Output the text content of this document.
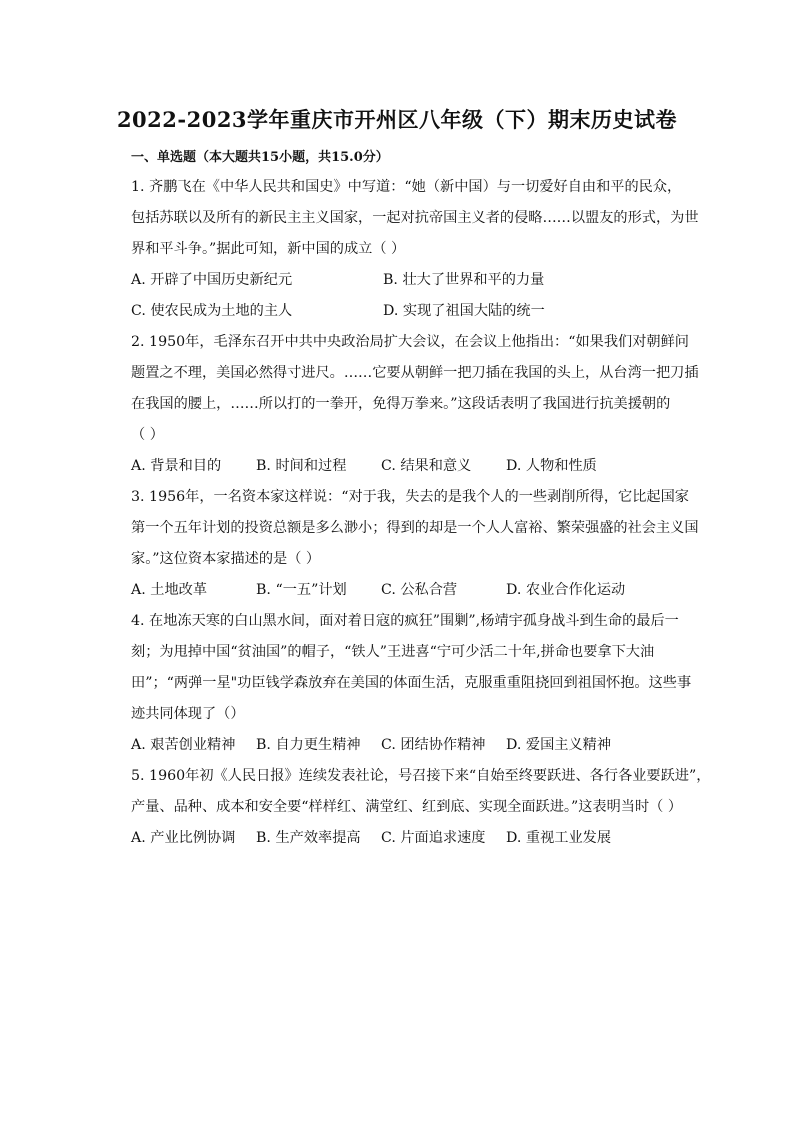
2022-2023学年重庆市开州区八年级（下）期末历史试卷
一、单选题（本大题共15小题，共15.0分）
1. 齐鹏飞在《中华人民共和国史》中写道：“她（新中国）与一切爱好自由和平的民众，
包括苏联以及所有的新民主主义国家，一起对抗帝国主义者的侵略……以盟友的形式，为世
界和平斗争。”据此可知，新中国的成立（ ）
A. 开辟了中国历史新纪元	B. 壮大了世界和平的力量
C. 使农民成为土地的主人	D. 实现了祖国大陆的统一
2. 1950年，毛泽东召开中共中央政治局扩大会议，在会议上他指出：“如果我们对朝鲜问
题置之不理，美国必然得寸进尺。……它要从朝鲜一把刀插在我国的头上，从台湾一把刀插
在我国的腰上，……所以打的一拳开，免得万拳来。”这段话表明了我国进行抗美援朝的
（ ）
A. 背景和目的 B. 时间和过程 C. 结果和意义 D. 人物和性质
3. 1956年，一名资本家这样说：“对于我，失去的是我个人的一些剥削所得，它比起国家
第一个五年计划的投资总额是多么渺小；得到的却是一个人人富裕、繁荣强盛的社会主义国
家。”这位资本家描述的是（ ）
A. 土地改革	B. “一五”计划 C. 公私合营	D. 农业合作化运动
4. 在地冻天寒的白山黑水间，面对着日寇的疯狂”围剿”,杨靖宇孤身战斗到生命的最后一
刻；为甩掉中国“贫油国”的帽子，“铁人”王进喜“宁可少活二十年,拼命也要拿下大油
田”；“两弹一星"功臣钱学森放弃在美国的体面生活，克服重重阻挠回到祖国怀抱。这些事
迹共同体现了（）
A. 艰苦创业精神 B. 自力更生精神 C. 团结协作精神 D. 爱国主义精神
5. 1960年初《人民日报》连续发表社论，号召接下来“自始至终要跃进、各行各业要跃进”，
产量、品种、成本和安全要“样样红、满堂红、红到底、实现全面跃进。”这表明当时（ ）
A. 产业比例协调 B. 生产效率提高 C. 片面追求速度 D. 重视工业发展
